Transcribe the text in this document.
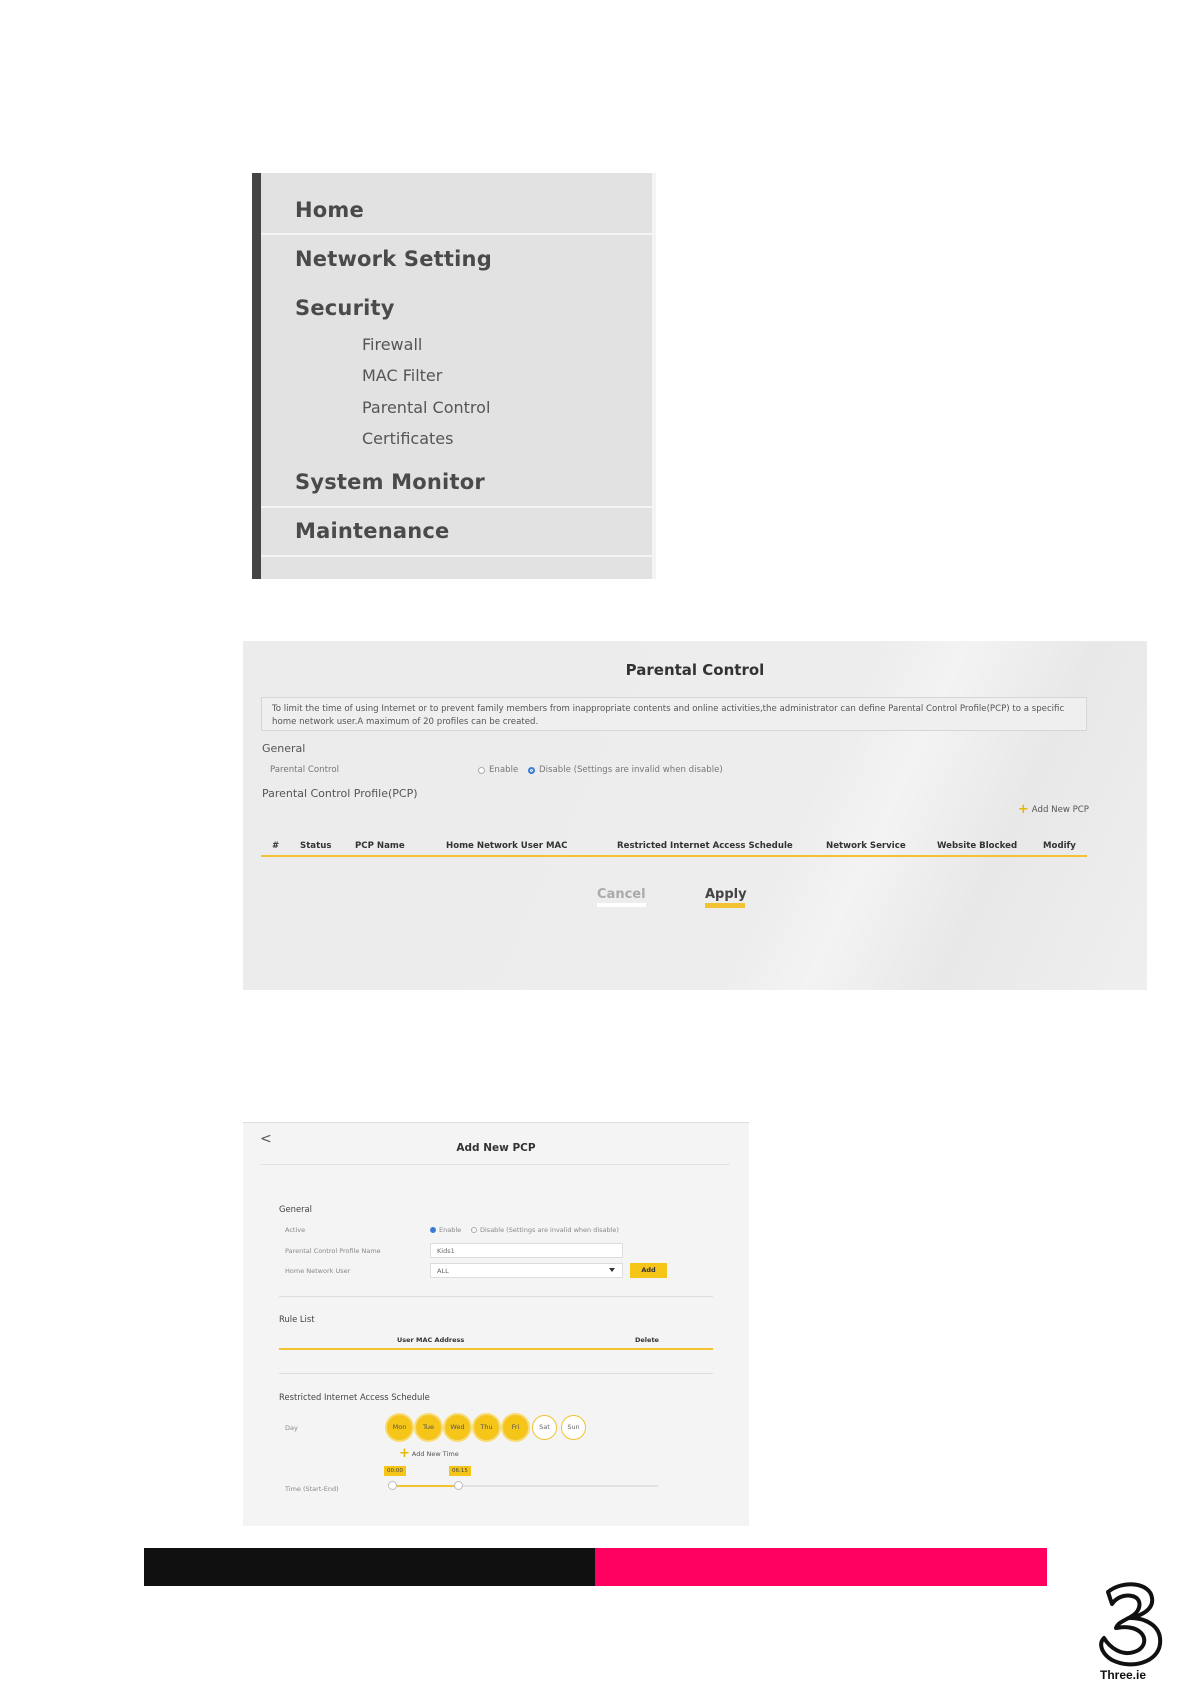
Home
Network Setting
Security
Firewall
MAC Filter
Parental Control
Certificates
System Monitor
Maintenance
Parental Control
To limit the time of using Internet or to prevent family members from inappropriate contents and online activities,the administrator can define Parental Control Profile(PCP) to a specific home network user.A maximum of 20 profiles can be created.
General
Parental Control	Enable Disable (Settings are invalid when disable)
Parental Control Profile(PCP)
+ Add New PCP
# Status	PCP Name	Home Network User MAC	Restricted Internet Access Schedule	Network Service	Website Blocked	Modify
Cancel	Apply
<
Add New PCP
General
Active	Enable	Disable (Settings are invalid when disable)
Parental Control Profile Name	Kids1
Home Network User	ALL	Add
Rule List
User MAC Address	Delete
Restricted Internet Access Schedule
Day	Mon	Tue	Wed	Thu	Fri	Sat	Sun
+ Add New Time
00:00	06:15
Time (Start-End)
Three.ie
